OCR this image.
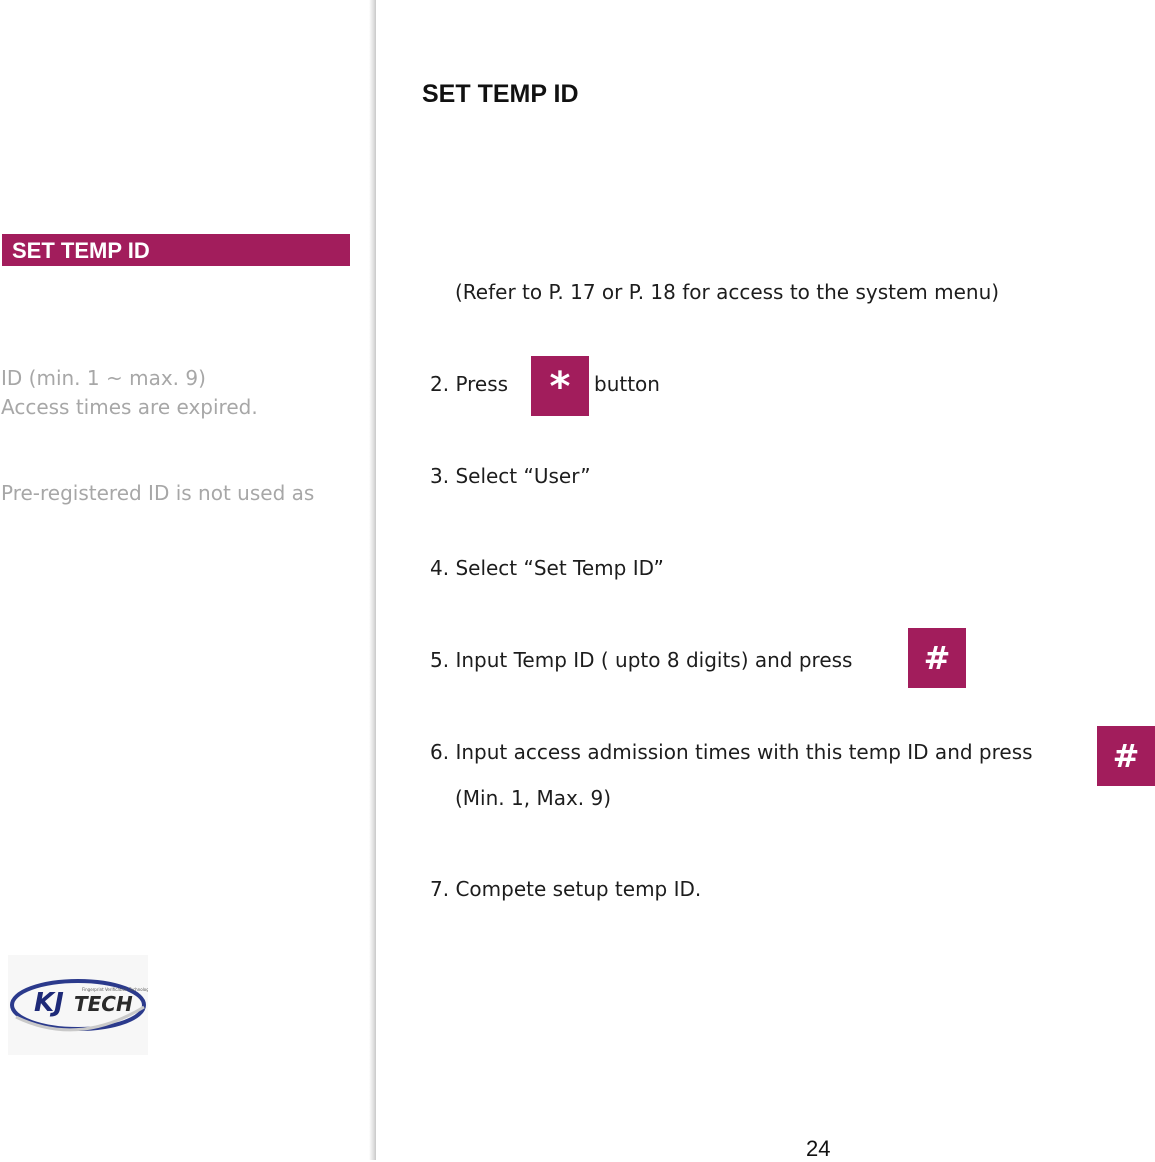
SET TEMP ID
ID (min. 1 ~ max. 9)
Access times are expired.
Pre-registered ID is not used as
KJ TECH
Fingerprint Verification Technology
SET TEMP ID
(Refer to P. 17 or P. 18 for access to the system menu)
2. Press	*	button
3. Select “User”
4. Select “Set Temp ID”
5. Input Temp ID ( upto 8 digits) and press	#
6. Input access admission times with this temp ID and press	#
(Min. 1, Max. 9)
7. Compete setup temp ID.
24
